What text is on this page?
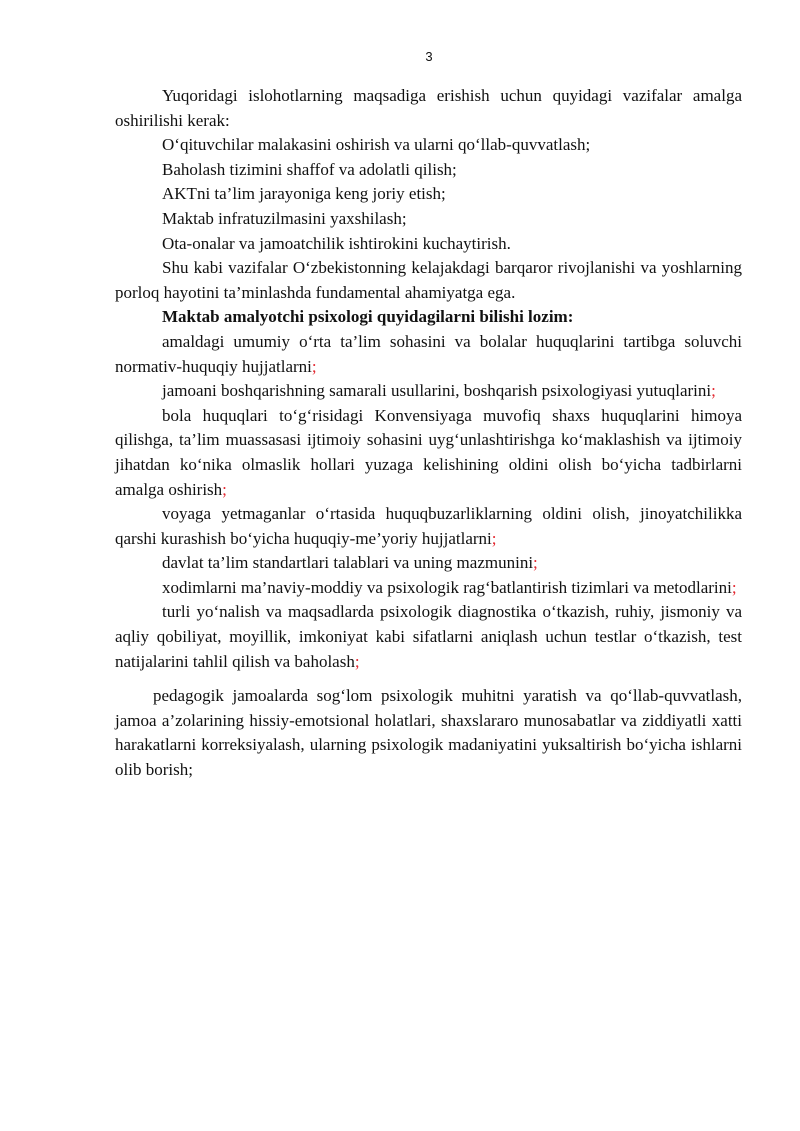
3

Yuqoridagi islohotlarning maqsadiga erishish uchun quyidagi vazifalar amalga oshirilishi kerak:

O‘qituvchilar malakasini oshirish va ularni qo‘llab-quvvatlash;

Baholash tizimini shaffof va adolatli qilish;

AKTni ta’lim jarayoniga keng joriy etish;

Maktab infratuzilmasini yaxshilash;

Ota-onalar va jamoatchilik ishtirokini kuchaytirish.

Shu kabi vazifalar O‘zbekistonning kelajakdagi barqaror rivojlanishi va yoshlarning porloq hayotini ta’minlashda fundamental ahamiyatga ega.

Maktab amalyotchi psixologi quyidagilarni bilishi lozim:

amaldagi umumiy o‘rta ta’lim sohasini va bolalar huquqlarini tartibga soluvchi normativ-huquqiy hujjatlarni;

jamoani boshqarishning samarali usullarini, boshqarish psixologiyasi yutuqlarini;

bola huquqlari to‘g‘risidagi Konvensiyaga muvofiq shaxs huquqlarini himoya qilishga, ta’lim muassasasi ijtimoiy sohasini uyg‘unlashtirishga ko‘maklashish va ijtimoiy jihatdan ko‘nika olmaslik hollari yuzaga kelishining oldini olish bo‘yicha tadbirlarni amalga oshirish;

voyaga yetmaganlar o‘rtasida huquqbuzarliklarning oldini olish, jinoyatchilikka qarshi kurashish bo‘yicha huquqiy-me’yoriy hujjatlarni;

davlat ta’lim standartlari talablari va uning mazmunini;

xodimlarni ma’naviy-moddiy va psixologik rag‘batlantirish tizimlari va metodlarini;

turli yo‘nalish va maqsadlarda psixologik diagnostika o‘tkazish, ruhiy, jismoniy va aqliy qobiliyat, moyillik, imkoniyat kabi sifatlarni aniqlash uchun testlar o‘tkazish, test natijalarini tahlil qilish va baholash;

pedagogik jamoalarda sog‘lom psixologik muhitni yaratish va qo‘llab-quvvatlash, jamoa a’zolarining hissiy-emotsional holatlari, shaxslararo munosabatlar va ziddiyatli xatti harakatlarni korreksiyalash, ularning psixologik madaniyatini yuksaltirish bo‘yicha ishlarni olib borish;
